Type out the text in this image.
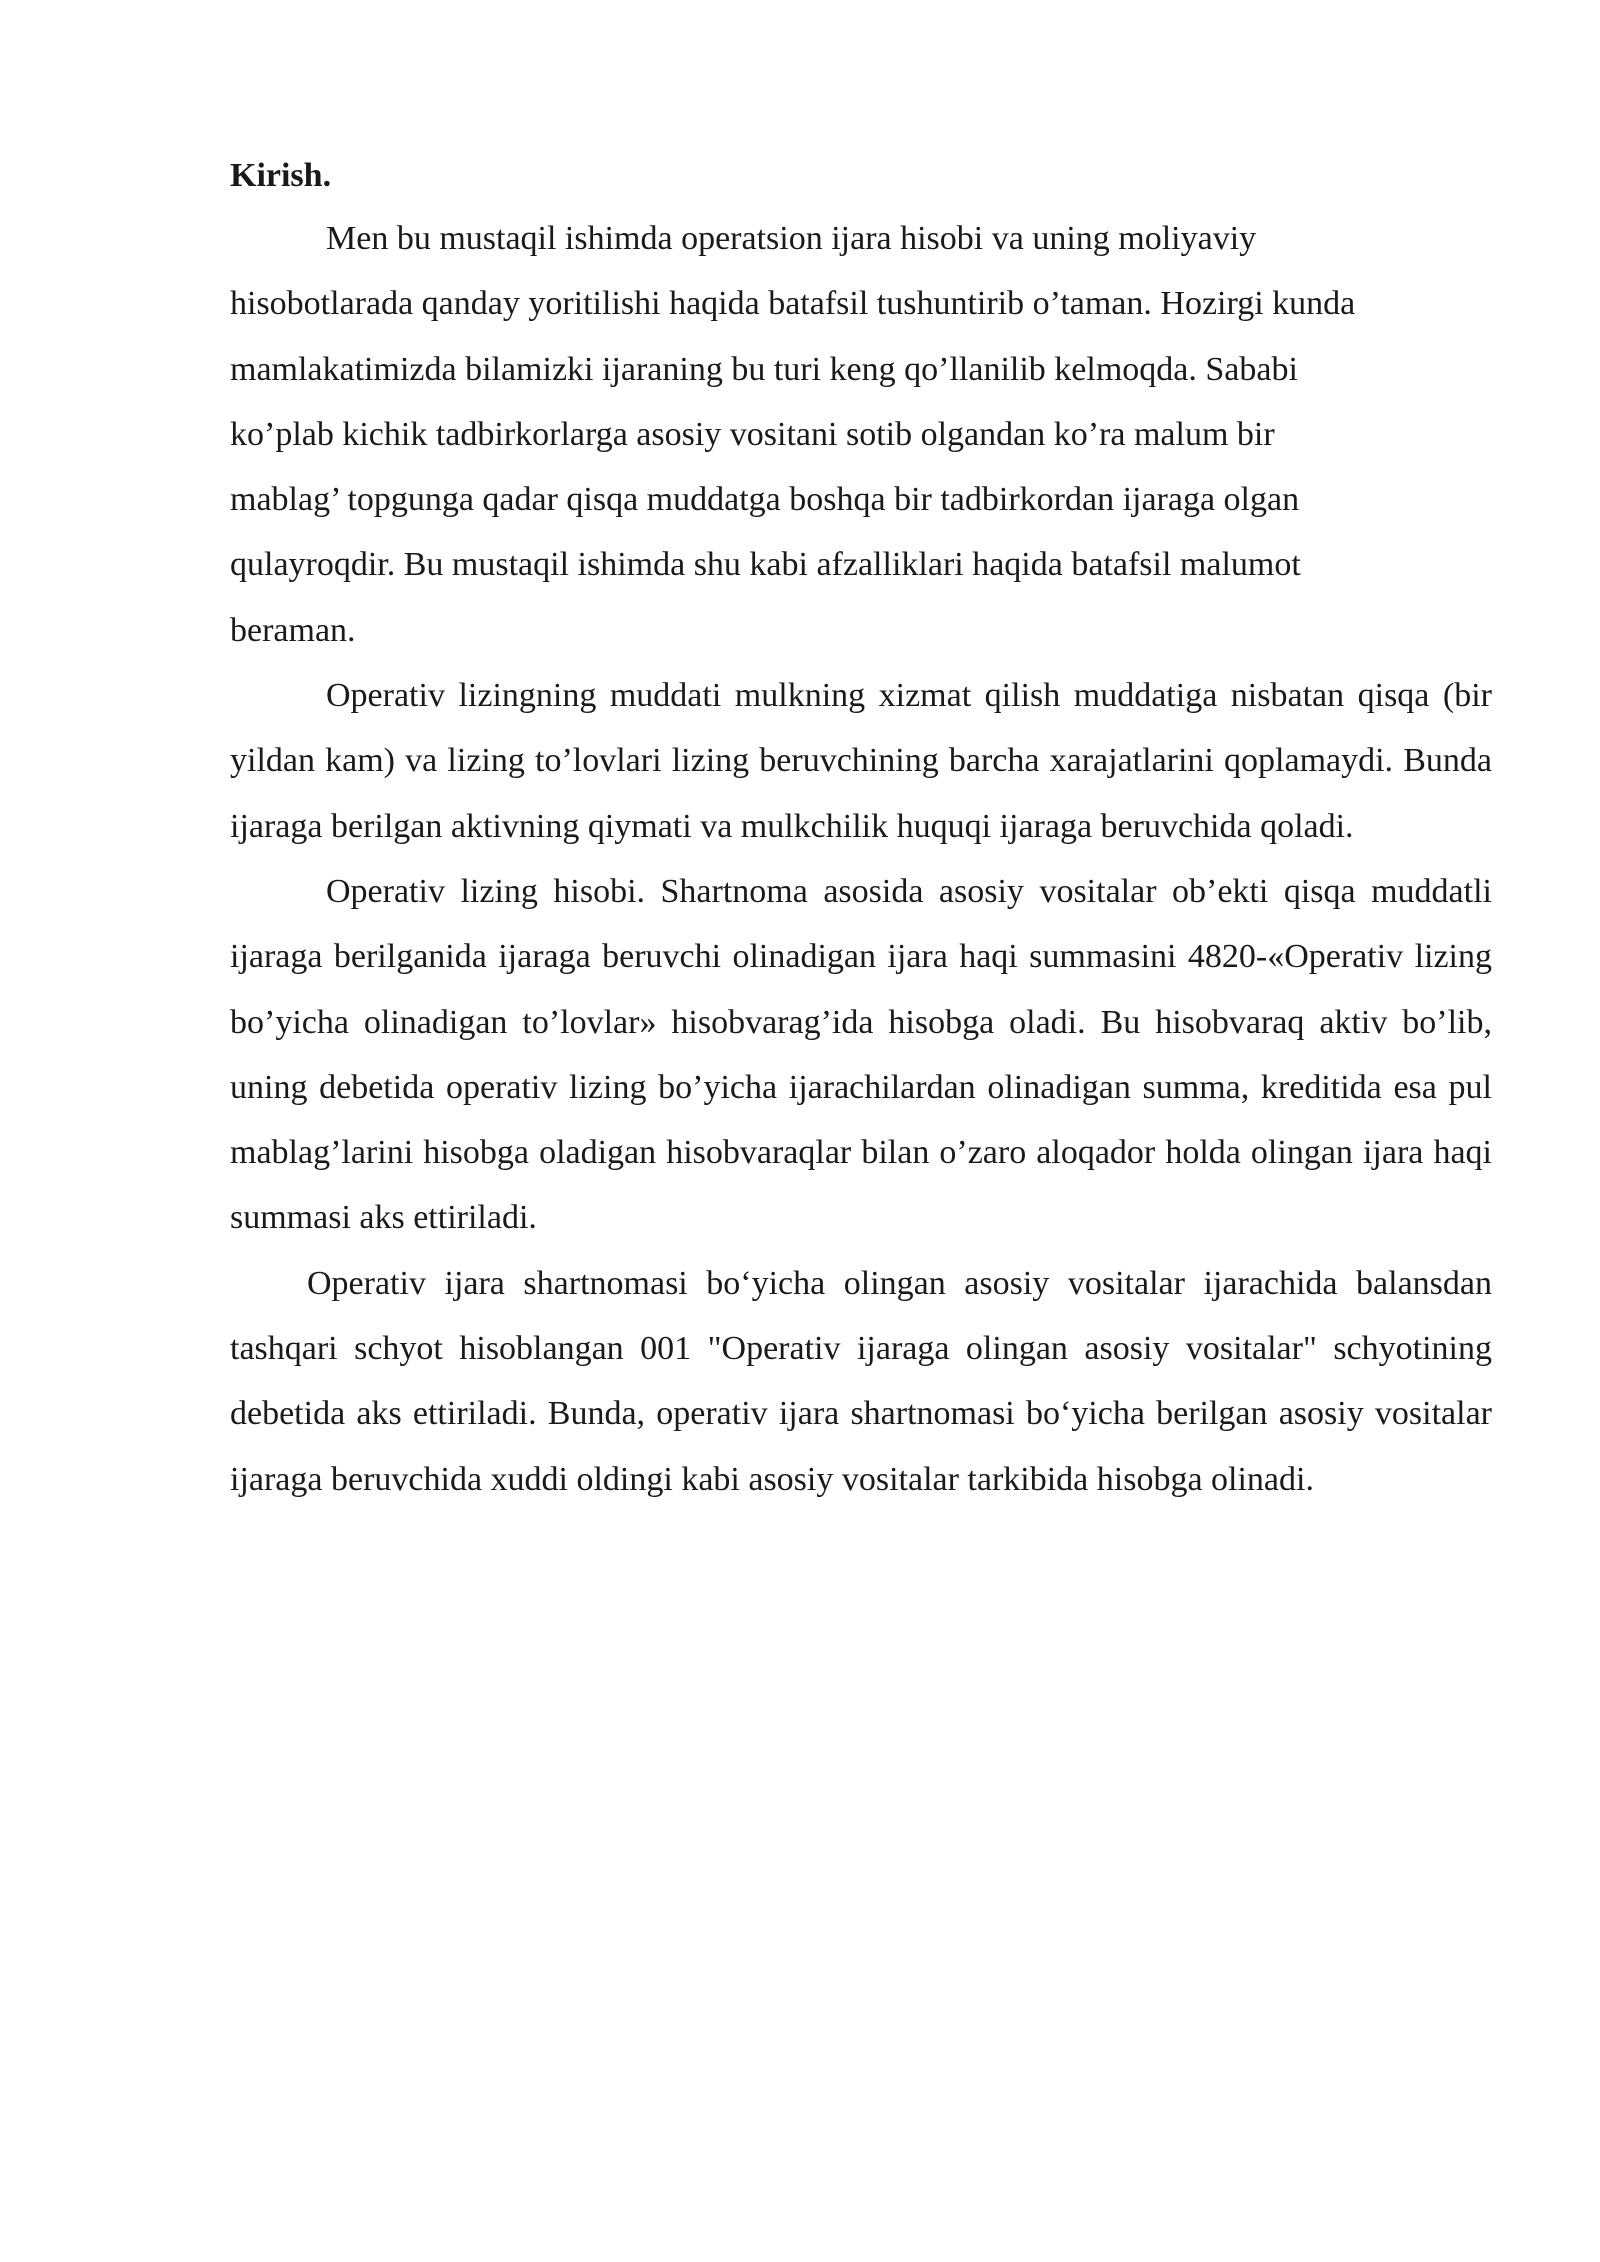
Kirish.

Men bu mustaqil ishimda operatsion ijara hisobi va uning moliyaviy
hisobotlarada qanday yoritilishi haqida batafsil tushuntirib o’taman. Hozirgi kunda
mamlakatimizda bilamizki ijaraning bu turi keng qo’llanilib kelmoqda. Sababi
ko’plab kichik tadbirkorlarga asosiy vositani sotib olgandan ko’ra malum bir
mablag’ topgunga qadar qisqa muddatga boshqa bir tadbirkordan ijaraga olgan
qulayroqdir. Bu mustaqil ishimda shu kabi afzalliklari haqida batafsil malumot
beraman.

Operativ lizingning muddati mulkning xizmat qilish muddatiga nisbatan qisqa (bir yildan kam) va lizing to’lovlari lizing beruvchining barcha xarajatlarini qoplamaydi. Bunda ijaraga berilgan aktivning qiymati va mulkchilik huquqi ijaraga beruvchida qoladi.

Operativ lizing hisobi. Shartnoma asosida asosiy vositalar ob’ekti qisqa muddatli ijaraga berilganida ijaraga beruvchi olinadigan ijara haqi summasini 4820-«Operativ lizing bo’yicha olinadigan to’lovlar» hisobvarag’ida hisobga oladi. Bu hisobvaraq aktiv bo’lib, uning debetida operativ lizing bo’yicha ijarachilardan olinadigan summa, kreditida esa pul mablag’larini hisobga oladigan hisobvaraqlar bilan o’zaro aloqador holda olingan ijara haqi summasi aks ettiriladi.

Operativ ijara shartnomasi bo‘yicha olingan asosiy vositalar ijarachida balansdan tashqari schyot hisoblangan 001 "Operativ ijaraga olingan asosiy vositalar" schyotining debetida aks ettiriladi. Bunda, operativ ijara shartnomasi bo‘yicha berilgan asosiy vositalar ijaraga beruvchida xuddi oldingi kabi asosiy vositalar tarkibida hisobga olinadi.
